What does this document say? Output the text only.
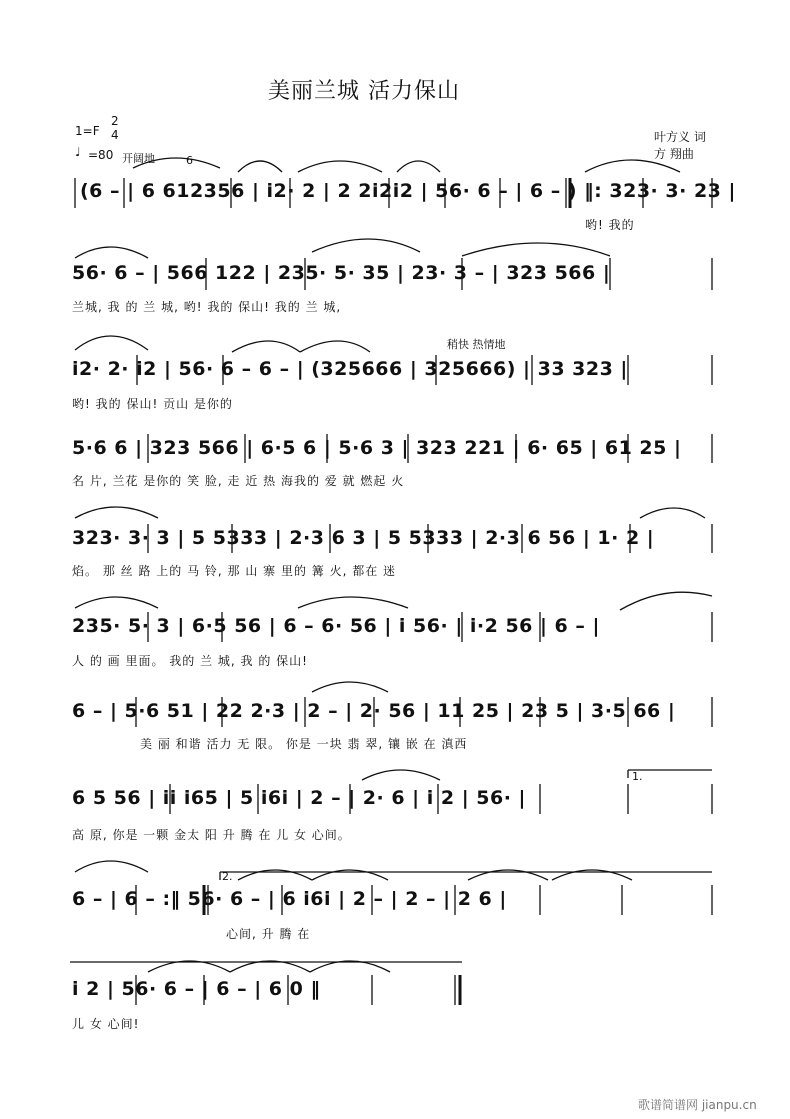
美丽兰城 活力保山
1=F
2
4
♩ =80 开阔地
叶方义 词
方 翔曲
6
稍快 热情地
1.
2.
(6 – | 6 612356 | i2· 2 | 2 2i2i2 | 56· 6 – | 6 – ) ‖: 323· 3· 23 |
哟! 我的
56· 6 – | 566 122 | 235· 5· 35 | 23· 3 – | 323 566 |
兰城, 我 的 兰 城, 哟! 我的 保山! 我的 兰 城,
i2· 2· i2 | 56· 6 – 6 – | (325666 | 325666) | 33 323 |
哟! 我的 保山! 贡山 是你的
5·6 6 | 323 566 | 6·5 6 | 5·6 3 | 323 221 | 6· 65 | 61 25 |
名 片, 兰花 是你的 笑 脸, 走 近 热 海我的 爱 就 燃起 火
323· 3· 3 | 5 5333 | 2·3 6 3 | 5 5333 | 2·3 6 56 | 1· 2 |
焰。 那 丝 路 上的 马 铃, 那 山 寨 里的 篝 火, 都在 迷
235· 5· 3 | 6·5 56 | 6 – 6· 56 | i 56· | i·2 56 | 6 – |
人 的 画 里面。 我的 兰 城, 我 的 保山!
6 – | 5·6 51 | 22 2·3 | 2 – | 2· 56 | 11 25 | 23 5 | 3·5 66 |
美 丽 和谐 活力 无 限。 你是 一块 翡 翠, 镶 嵌 在 滇西
6 5 56 | ii i65 | 5 i6i | 2 – | 2· 6 | i 2 | 56· |
高 原, 你是 一颗 金太 阳 升 腾 在 儿 女 心间。
6 – | 6 – :‖ 56· 6 – | 6 i6i | 2 – | 2 – | 2 6 |
心间, 升 腾 在
i 2 | 56· 6 – | 6 – | 6 0 ‖
儿 女 心间!
歌谱简谱网 jianpu.cn
